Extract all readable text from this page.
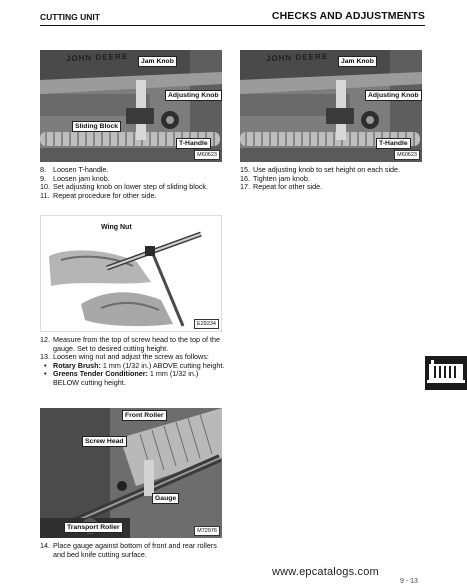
CUTTING UNIT	CHECKS AND ADJUSTMENTS
JOHN DEERE	Jam Knob
Adjusting Knob
Sliding Block
T-Handle
M60623
JOHN DEERE	Jam Knob
Adjusting Knob
T-Handle
M60623
8. Loosen T-handle.
9. Loosen jam knob.
10. Set adjusting knob on lower step of sliding block.
11. Repeat procedure for other side.
15. Use adjusting knob to set height on each side.
16. Tighten jam knob.
17. Repeat for other side.
Wing Nut
E29234
12. Measure from the top of screw head to the top of the gauge. Set to desired cutting height.
13. Loosen wing nut and adjust the screw as follows:
• Rotary Brush: 1 mm (1/32 in.) ABOVE cutting height.
• Greens Tender Conditioner: 1 mm (1/32 in.) BELOW cutting height.
Front Roller
Screw Head
Gauge
Transport Roller	M72976
14. Place gauge against bottom of front and rear rollers and bed knife cutting surface.
www.epcatalogs.com
9 - 13
